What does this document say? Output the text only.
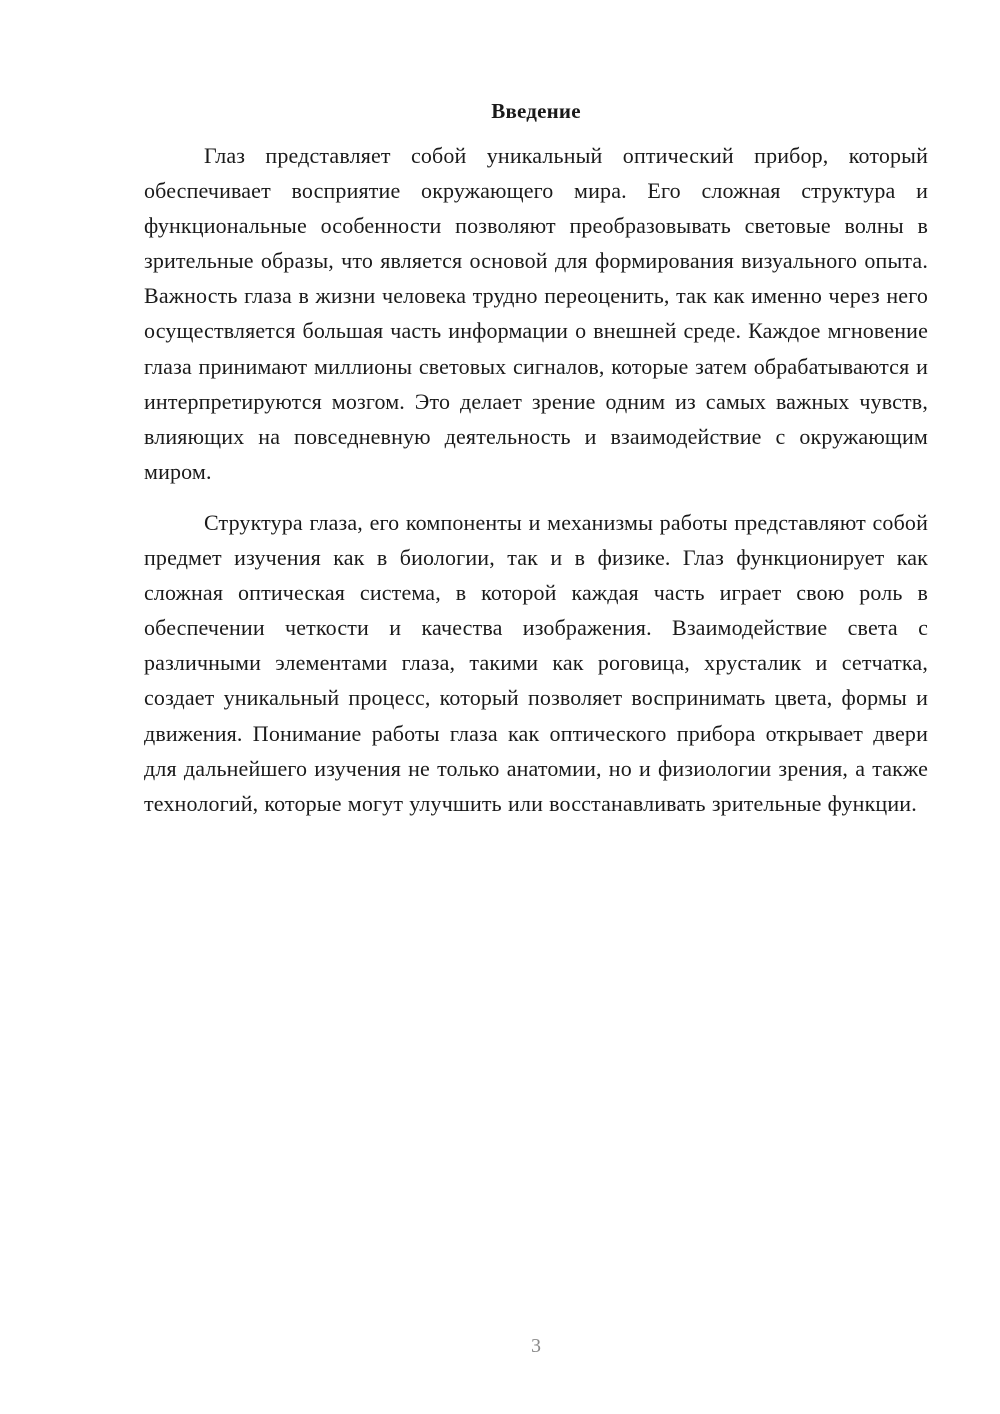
Введение

Глаз представляет собой уникальный оптический прибор, который обеспечивает восприятие окружающего мира. Его сложная структура и функциональные особенности позволяют преобразовывать световые волны в зрительные образы, что является основой для формирования визуального опыта. Важность глаза в жизни человека трудно переоценить, так как именно через него осуществляется большая часть информации о внешней среде. Каждое мгновение глаза принимают миллионы световых сигналов, которые затем обрабатываются и интерпретируются мозгом. Это делает зрение одним из самых важных чувств, влияющих на повседневную деятельность и взаимодействие с окружающим миром.

Структура глаза, его компоненты и механизмы работы представляют собой предмет изучения как в биологии, так и в физике. Глаз функционирует как сложная оптическая система, в которой каждая часть играет свою роль в обеспечении четкости и качества изображения. Взаимодействие света с различными элементами глаза, такими как роговица, хрусталик и сетчатка, создает уникальный процесс, который позволяет воспринимать цвета, формы и движения. Понимание работы глаза как оптического прибора открывает двери для дальнейшего изучения не только анатомии, но и физиологии зрения, а также технологий, которые могут улучшить или восстанавливать зрительные функции.

3
